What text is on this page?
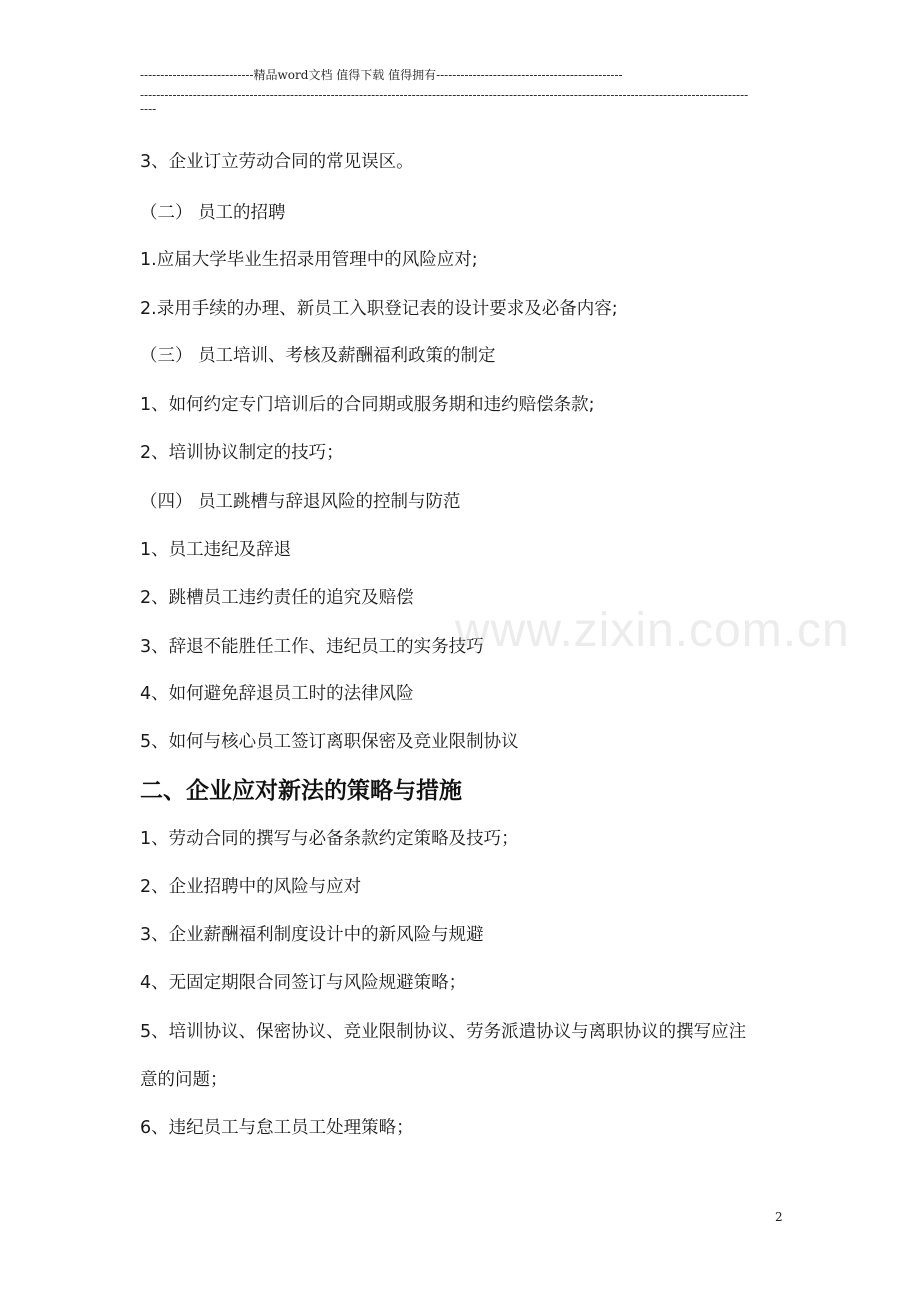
----------------------------精品word文档 值得下载 值得拥有----------------------------------------------
------------------------------------------------------------------------------------------------------------------------------------------------------
----
3、企业订立劳动合同的常见误区。
（二） 员工的招聘
1.应届大学毕业生招录用管理中的风险应对;
2.录用手续的办理、新员工入职登记表的设计要求及必备内容;
（三） 员工培训、考核及薪酬福利政策的制定
1、如何约定专门培训后的合同期或服务期和违约赔偿条款;
2、培训协议制定的技巧；
（四） 员工跳槽与辞退风险的控制与防范
1、员工违纪及辞退
2、跳槽员工违约责任的追究及赔偿
3、辞退不能胜任工作、违纪员工的实务技巧
4、如何避免辞退员工时的法律风险
5、如何与核心员工签订离职保密及竞业限制协议
二、企业应对新法的策略与措施
1、劳动合同的撰写与必备条款约定策略及技巧；
2、企业招聘中的风险与应对
3、企业薪酬福利制度设计中的新风险与规避
4、无固定期限合同签订与风险规避策略；
5、培训协议、保密协议、竞业限制协议、劳务派遣协议与离职协议的撰写应注
意的问题；
6、违纪员工与怠工员工处理策略；
www.zixin.com.cn
2
